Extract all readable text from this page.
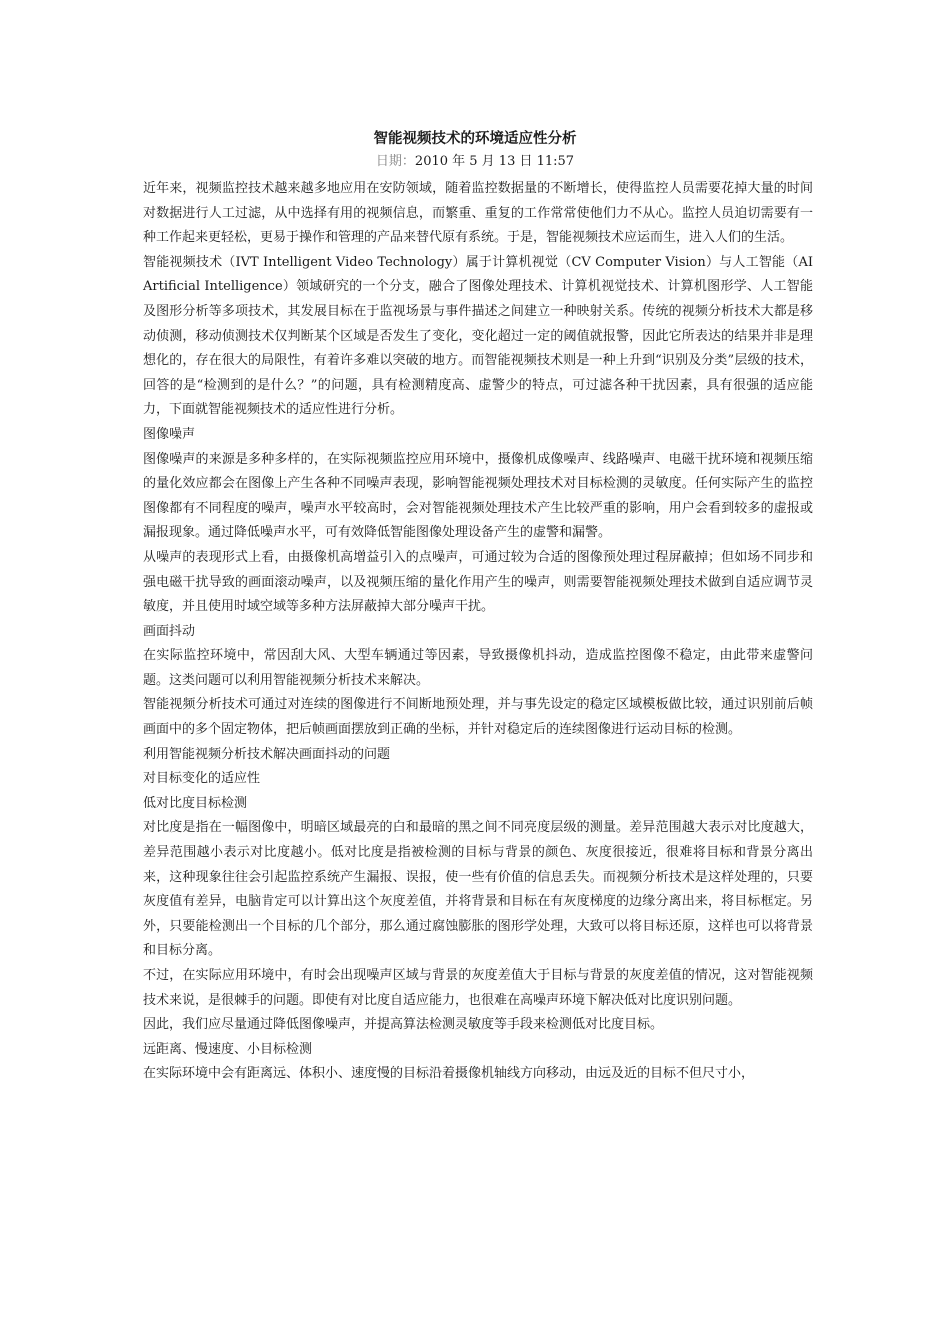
智能视频技术的环境适应性分析
日期：2010 年 5 月 13 日 11:57

近年来，视频监控技术越来越多地应用在安防领域，随着监控数据量的不断增长，使得监控人员需要花掉大量的时间对数据进行人工过滤，从中选择有用的视频信息，而繁重、重复的工作常常使他们力不从心。监控人员迫切需要有一种工作起来更轻松，更易于操作和管理的产品来替代原有系统。于是，智能视频技术应运而生，进入人们的生活。

智能视频技术（IVT Intelligent Video Technology）属于计算机视觉（CV Computer Vision）与人工智能（AI Artificial Intelligence）领域研究的一个分支，融合了图像处理技术、计算机视觉技术、计算机图形学、人工智能及图形分析等多项技术，其发展目标在于监视场景与事件描述之间建立一种映射关系。传统的视频分析技术大都是移动侦测，移动侦测技术仅判断某个区域是否发生了变化，变化超过一定的阈值就报警，因此它所表达的结果并非是理想化的，存在很大的局限性，有着许多难以突破的地方。而智能视频技术则是一种上升到“识别及分类”层级的技术，回答的是“检测到的是什么？”的问题，具有检测精度高、虚警少的特点，可过滤各种干扰因素，具有很强的适应能力，下面就智能视频技术的适应性进行分析。

图像噪声

图像噪声的来源是多种多样的，在实际视频监控应用环境中，摄像机成像噪声、线路噪声、电磁干扰环境和视频压缩的量化效应都会在图像上产生各种不同噪声表现，影响智能视频处理技术对目标检测的灵敏度。任何实际产生的监控图像都有不同程度的噪声，噪声水平较高时，会对智能视频处理技术产生比较严重的影响，用户会看到较多的虚报或漏报现象。通过降低噪声水平，可有效降低智能图像处理设备产生的虚警和漏警。

从噪声的表现形式上看，由摄像机高增益引入的点噪声，可通过较为合适的图像预处理过程屏蔽掉；但如场不同步和强电磁干扰导致的画面滚动噪声，以及视频压缩的量化作用产生的噪声，则需要智能视频处理技术做到自适应调节灵敏度，并且使用时域空域等多种方法屏蔽掉大部分噪声干扰。

画面抖动

在实际监控环境中，常因刮大风、大型车辆通过等因素，导致摄像机抖动，造成监控图像不稳定，由此带来虚警问题。这类问题可以利用智能视频分析技术来解决。

智能视频分析技术可通过对连续的图像进行不间断地预处理，并与事先设定的稳定区域模板做比较，通过识别前后帧画面中的多个固定物体，把后帧画面摆放到正确的坐标，并针对稳定后的连续图像进行运动目标的检测。

利用智能视频分析技术解决画面抖动的问题

对目标变化的适应性

低对比度目标检测

对比度是指在一幅图像中，明暗区域最亮的白和最暗的黑之间不同亮度层级的测量。差异范围越大表示对比度越大，差异范围越小表示对比度越小。低对比度是指被检测的目标与背景的颜色、灰度很接近，很难将目标和背景分离出来，这种现象往往会引起监控系统产生漏报、误报，使一些有价值的信息丢失。而视频分析技术是这样处理的，只要灰度值有差异，电脑肯定可以计算出这个灰度差值，并将背景和目标在有灰度梯度的边缘分离出来，将目标框定。另外，只要能检测出一个目标的几个部分，那么通过腐蚀膨胀的图形学处理，大致可以将目标还原，这样也可以将背景和目标分离。

不过，在实际应用环境中，有时会出现噪声区域与背景的灰度差值大于目标与背景的灰度差值的情况，这对智能视频技术来说，是很棘手的问题。即使有对比度自适应能力，也很难在高噪声环境下解决低对比度识别问题。

因此，我们应尽量通过降低图像噪声，并提高算法检测灵敏度等手段来检测低对比度目标。

远距离、慢速度、小目标检测

在实际环境中会有距离远、体积小、速度慢的目标沿着摄像机轴线方向移动，由远及近的目标不但尺寸小，
